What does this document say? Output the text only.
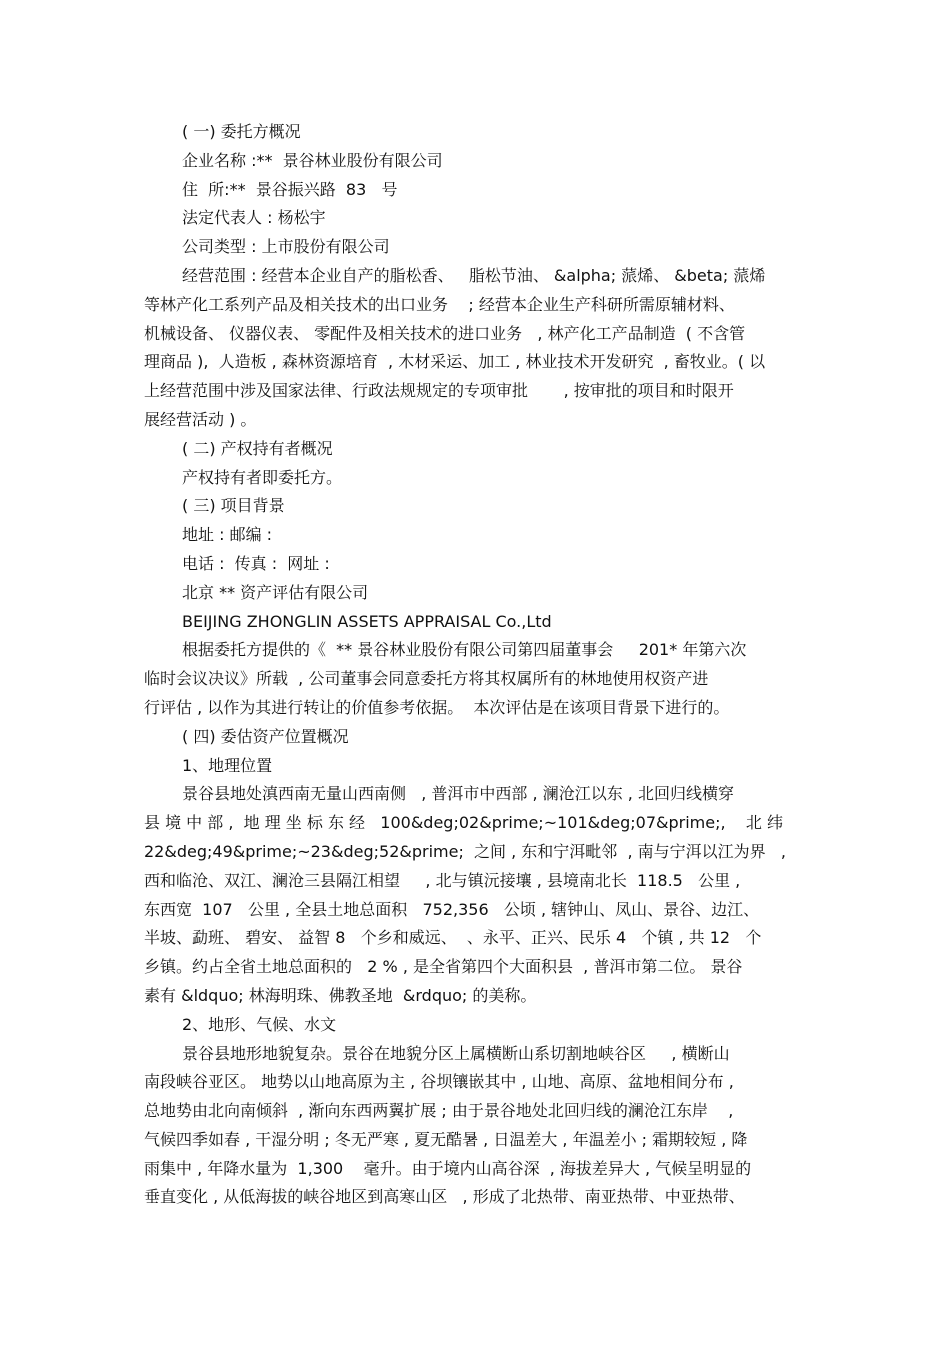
( 一) 委托方概况
企业名称 :**  景谷林业股份有限公司
住  所:**  景谷振兴路  83   号
法定代表人 : 杨松宇
公司类型 : 上市股份有限公司
经营范围 : 经营本企业自产的脂松香、   脂松节油、 &alpha; 蒎烯、 &beta; 蒎烯
等林产化工系列产品及相关技术的出口业务    ; 经营本企业生产科研所需原辅材料、
机械设备、 仪器仪表、 零配件及相关技术的进口业务   , 林产化工产品制造  ( 不含管
理商品 ),  人造板 , 森林资源培育  , 木材采运、加工 , 林业技术开发研究  , 畜牧业。( 以
上经营范围中涉及国家法律、行政法规规定的专项审批       , 按审批的项目和时限开
展经营活动 ) 。
( 二) 产权持有者概况
产权持有者即委托方。
( 三) 项目背景
地址 : 邮编 :
电话 :  传真 :  网址 :
北京 ** 资产评估有限公司
BEIJING ZHONGLIN ASSETS APPRAISAL Co.,Ltd
根据委托方提供的《  ** 景谷林业股份有限公司第四届董事会     201* 年第六次
临时会议决议》所载  , 公司董事会同意委托方将其权属所有的林地使用权资产进
行评估 , 以作为其进行转让的价值参考依据。  本次评估是在该项目背景下进行的。
( 四) 委估资产位置概况
1、地理位置
景谷县地处滇西南无量山西南侧   , 普洱市中西部 , 澜沧江以东 , 北回归线横穿
县 境 中 部 ,  地 理 坐 标 东 经   100&deg;02&prime;~101&deg;07&prime;,    北 纬
22&deg;49&prime;~23&deg;52&prime;  之间 , 东和宁洱毗邻  , 南与宁洱以江为界   ,
西和临沧、双江、澜沧三县隔江相望     , 北与镇沅接壤 , 县境南北长  118.5   公里 ,
东西宽  107   公里 , 全县土地总面积   752,356   公顷 , 辖钟山、凤山、景谷、边江、
半坡、勐班、 碧安、 益智 8   个乡和威远、  、永平、正兴、民乐 4   个镇 , 共 12   个
乡镇。约占全省土地总面积的   2 % , 是全省第四个大面积县  , 普洱市第二位。 景谷
素有 &ldquo; 林海明珠、佛教圣地  &rdquo; 的美称。
2、地形、气候、水文
景谷县地形地貌复杂。景谷在地貌分区上属横断山系切割地峡谷区     , 横断山
南段峡谷亚区。 地势以山地高原为主 , 谷坝镶嵌其中 , 山地、高原、盆地相间分布 ,
总地势由北向南倾斜  , 渐向东西两翼扩展 ; 由于景谷地处北回归线的澜沧江东岸    ,
气候四季如春 , 干湿分明 ; 冬无严寒 , 夏无酷暑 , 日温差大 , 年温差小 ; 霜期较短 , 降
雨集中 , 年降水量为  1,300    毫升。由于境内山高谷深  , 海拔差异大 , 气候呈明显的
垂直变化 , 从低海拔的峡谷地区到高寒山区   , 形成了北热带、南亚热带、中亚热带、
